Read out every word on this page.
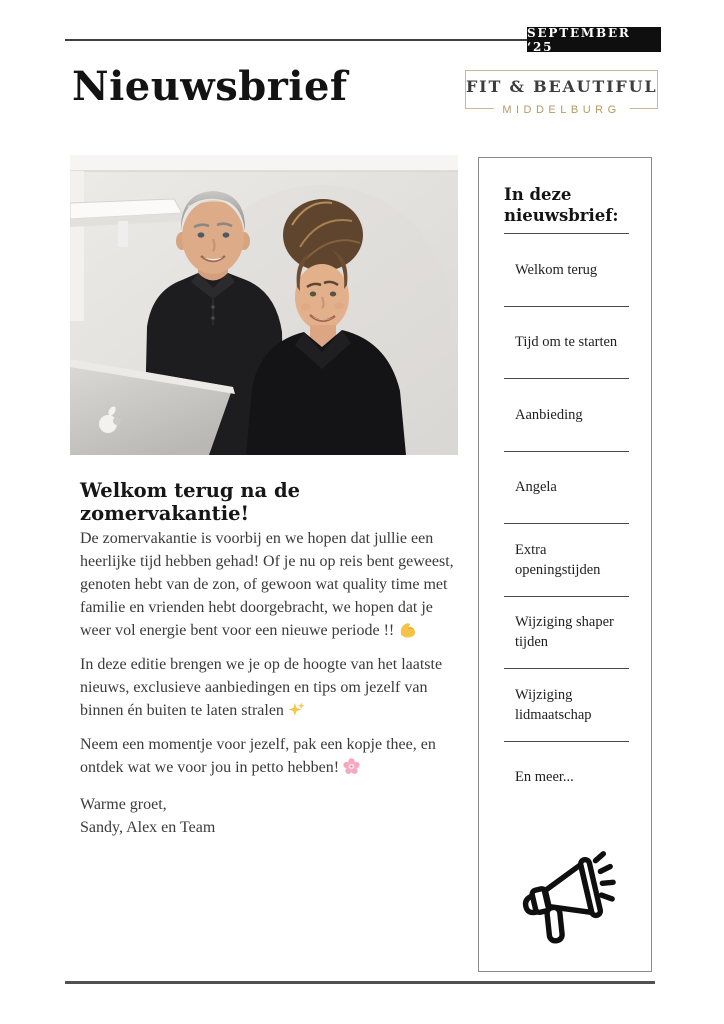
SEPTEMBER ‘25
Nieuwsbrief	FIT & BEAUTIFUL
MIDDELBURG
Welkom terug na de zomervakantie!

De zomervakantie is voorbij en we hopen dat jullie een heerlijke tijd hebben gehad! Of je nu op reis bent geweest, genoten hebt van de zon, of gewoon wat quality time met familie en vrienden hebt doorgebracht, we hopen dat je weer vol energie bent voor een nieuwe periode !!

In deze editie brengen we je op de hoogte van het laatste nieuws, exclusieve aanbiedingen en tips om jezelf van binnen én buiten te laten stralen

Neem een momentje voor jezelf, pak een kopje thee, en ontdek wat we voor jou in petto hebben!

Warme groet,
Sandy, Alex en Team

In deze nieuwsbrief:
Welkom terug
Tijd om te starten
Aanbieding
Angela
Extra openingstijden
Wijziging shaper tijden
Wijziging lidmaatschap
En meer...
